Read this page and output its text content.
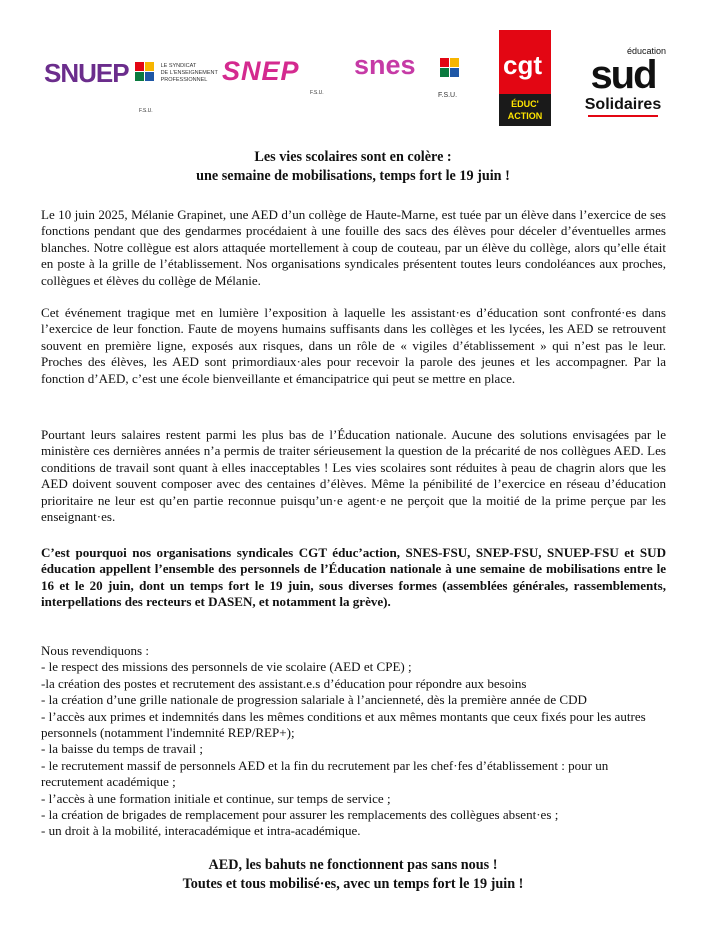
SNUEP	LE SYNDICAT
DE L'ENSEIGNEMENT
PROFESSIONNEL
F.S.U.
SNEP
F.S.U.
snes
F.S.U.
cgt
ÉDUC'
ACTION
éducation
sud
Solidaires
Les vies scolaires sont en colère :
une semaine de mobilisations, temps fort le 19 juin !

Le 10 juin 2025, Mélanie Grapinet, une AED d’un collège de Haute-Marne, est tuée par un élève dans l’exercice de ses fonctions pendant que des gendarmes procédaient à une fouille des sacs des élèves pour déceler d’éventuelles armes blanches. Notre collègue est alors attaquée mortellement à coup de couteau, par un élève du collège, alors qu’elle était en poste à la grille de l’établissement. Nos organisations syndicales présentent toutes leurs condoléances aux proches, collègues et élèves du collège de Mélanie.

Cet événement tragique met en lumière l’exposition à laquelle les assistant·es d’éducation sont confronté·es dans l’exercice de leur fonction. Faute de moyens humains suffisants dans les collèges et les lycées, les AED se retrouvent souvent en première ligne, exposés aux risques, dans un rôle de « vigiles d’établissement » qui n’est pas le leur. Proches des élèves, les AED sont primordiaux·ales pour recevoir la parole des jeunes et les accompagner. Par la fonction d’AED, c’est une école bienveillante et émancipatrice qui peut se mettre en place.

Pourtant leurs salaires restent parmi les plus bas de l’Éducation nationale. Aucune des solutions envisagées par le ministère ces dernières années n’a permis de traiter sérieusement la question de la précarité de nos collègues AED. Les conditions de travail sont quant à elles inacceptables ! Les vies scolaires sont réduites à peau de chagrin alors que les AED doivent souvent composer avec des centaines d’élèves. Même la pénibilité de l’exercice en réseau d’éducation prioritaire ne leur est qu’en partie reconnue puisqu’un·e agent·e ne perçoit que la moitié de la prime perçue par les enseignant·es.

C’est pourquoi nos organisations syndicales CGT éduc’action, SNES-FSU, SNEP-FSU, SNUEP-FSU et SUD éducation appellent l’ensemble des personnels de l’Éducation nationale à une semaine de mobilisations entre le 16 et le 20 juin, dont un temps fort le 19 juin, sous diverses formes (assemblées générales, rassemblements, interpellations des recteurs et DASEN, et notamment la grève).

Nous revendiquons :
- le respect des missions des personnels de vie scolaire (AED et CPE) ;
-la création des postes et recrutement des assistant.e.s d’éducation pour répondre aux besoins
- la création d’une grille nationale de progression salariale à l’ancienneté, dès la première année de CDD
- l’accès aux primes et indemnités dans les mêmes conditions et aux mêmes montants que ceux fixés pour les autres personnels (notamment l'indemnité REP/REP+);
- la baisse du temps de travail ;
- le recrutement massif de personnels AED et la fin du recrutement par les chef·fes d’établissement : pour un recrutement académique ;
- l’accès à une formation initiale et continue, sur temps de service ;
- la création de brigades de remplacement pour assurer les remplacements des collègues absent·es ;
- un droit à la mobilité, interacadémique et intra-académique.
AED, les bahuts ne fonctionnent pas sans nous !
Toutes et tous mobilisé·es, avec un temps fort le 19 juin !
